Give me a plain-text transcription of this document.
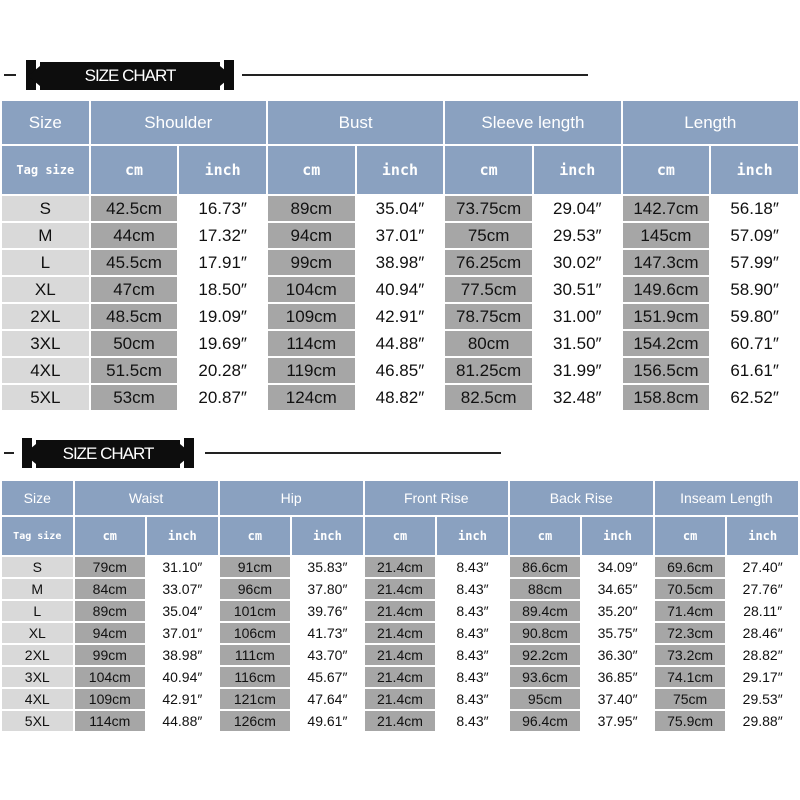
SIZE CHART
Size	Shoulder		Bust		Sleeve length		Length	
Tag size	cm	inch	cm	inch	cm	inch	cm	inch
S	42.5cm	16.73″	89cm	35.04″	73.75cm	29.04″	142.7cm	56.18″
M	44cm	17.32″	94cm	37.01″	75cm	29.53″	145cm	57.09″
L	45.5cm	17.91″	99cm	38.98″	76.25cm	30.02″	147.3cm	57.99″
XL	47cm	18.50″	104cm	40.94″	77.5cm	30.51″	149.6cm	58.90″
2XL	48.5cm	19.09″	109cm	42.91″	78.75cm	31.00″	151.9cm	59.80″
3XL	50cm	19.69″	114cm	44.88″	80cm	31.50″	154.2cm	60.71″
4XL	51.5cm	20.28″	119cm	46.85″	81.25cm	31.99″	156.5cm	61.61″
5XL	53cm	20.87″	124cm	48.82″	82.5cm	32.48″	158.8cm	62.52″
SIZE CHART
Size	Waist		Hip		Front Rise		Back Rise		Inseam Length	
Tag size	cm	inch	cm	inch	cm	inch	cm	inch	cm	inch
S	79cm	31.10″	91cm	35.83″	21.4cm	8.43″	86.6cm	34.09″	69.6cm	27.40″
M	84cm	33.07″	96cm	37.80″	21.4cm	8.43″	88cm	34.65″	70.5cm	27.76″
L	89cm	35.04″	101cm	39.76″	21.4cm	8.43″	89.4cm	35.20″	71.4cm	28.11″
XL	94cm	37.01″	106cm	41.73″	21.4cm	8.43″	90.8cm	35.75″	72.3cm	28.46″
2XL	99cm	38.98″	111cm	43.70″	21.4cm	8.43″	92.2cm	36.30″	73.2cm	28.82″
3XL	104cm	40.94″	116cm	45.67″	21.4cm	8.43″	93.6cm	36.85″	74.1cm	29.17″
4XL	109cm	42.91″	121cm	47.64″	21.4cm	8.43″	95cm	37.40″	75cm	29.53″
5XL	114cm	44.88″	126cm	49.61″	21.4cm	8.43″	96.4cm	37.95″	75.9cm	29.88″
